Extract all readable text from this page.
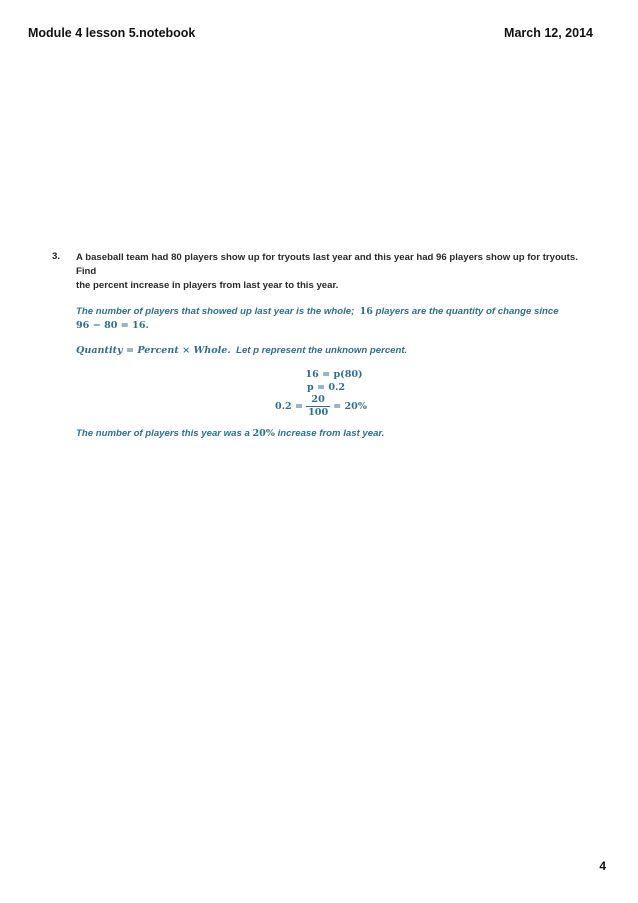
Module 4 lesson 5.notebook	March 12, 2014
3. A baseball team had 80 players show up for tryouts last year and this year had 96 players show up for tryouts. Find
the percent increase in players from last year to this year.
The number of players that showed up last year is the whole; 16 players are the quantity of change since
96 − 80 = 16.
Quantity = Percent × Whole. Let p represent the unknown percent.
16 = p(80)
p = 0.2
$0.2 = \frac{20}{100} = 20\%$
The number of players this year was a 20% increase from last year.
4
